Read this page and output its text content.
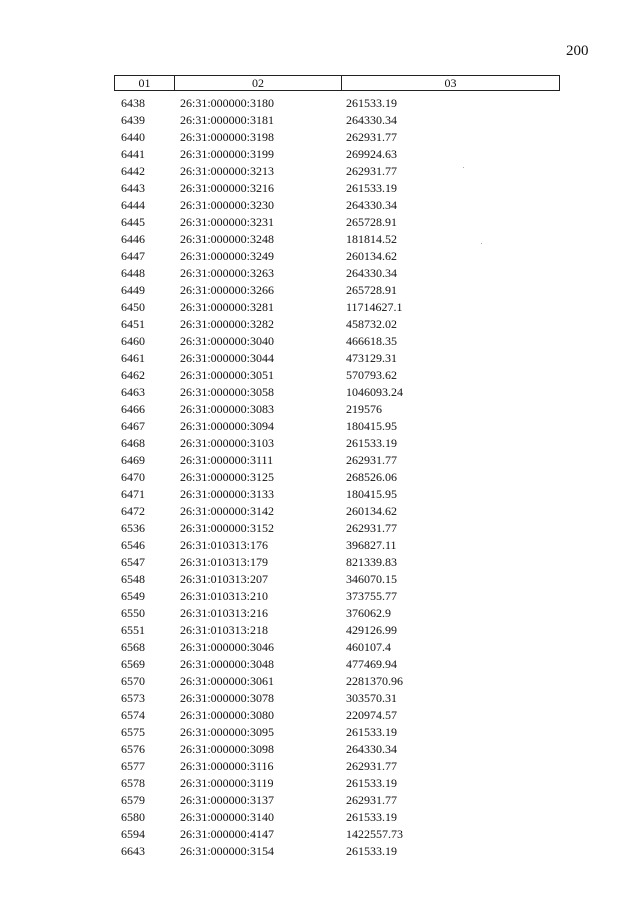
200
01	02	03
6438	26:31:000000:3180	261533.19
6439	26:31:000000:3181	264330.34
6440	26:31:000000:3198	262931.77
6441	26:31:000000:3199	269924.63
6442	26:31:000000:3213	262931.77
6443	26:31:000000:3216	261533.19
6444	26:31:000000:3230	264330.34
6445	26:31:000000:3231	265728.91
6446	26:31:000000:3248	181814.52
6447	26:31:000000:3249	260134.62
6448	26:31:000000:3263	264330.34
6449	26:31:000000:3266	265728.91
6450	26:31:000000:3281	11714627.1
6451	26:31:000000:3282	458732.02
6460	26:31:000000:3040	466618.35
6461	26:31:000000:3044	473129.31
6462	26:31:000000:3051	570793.62
6463	26:31:000000:3058	1046093.24
6466	26:31:000000:3083	219576
6467	26:31:000000:3094	180415.95
6468	26:31:000000:3103	261533.19
6469	26:31:000000:3111	262931.77
6470	26:31:000000:3125	268526.06
6471	26:31:000000:3133	180415.95
6472	26:31:000000:3142	260134.62
6536	26:31:000000:3152	262931.77
6546	26:31:010313:176	396827.11
6547	26:31:010313:179	821339.83
6548	26:31:010313:207	346070.15
6549	26:31:010313:210	373755.77
6550	26:31:010313:216	376062.9
6551	26:31:010313:218	429126.99
6568	26:31:000000:3046	460107.4
6569	26:31:000000:3048	477469.94
6570	26:31:000000:3061	2281370.96
6573	26:31:000000:3078	303570.31
6574	26:31:000000:3080	220974.57
6575	26:31:000000:3095	261533.19
6576	26:31:000000:3098	264330.34
6577	26:31:000000:3116	262931.77
6578	26:31:000000:3119	261533.19
6579	26:31:000000:3137	262931.77
6580	26:31:000000:3140	261533.19
6594	26:31:000000:4147	1422557.73
6643	26:31:000000:3154	261533.19
